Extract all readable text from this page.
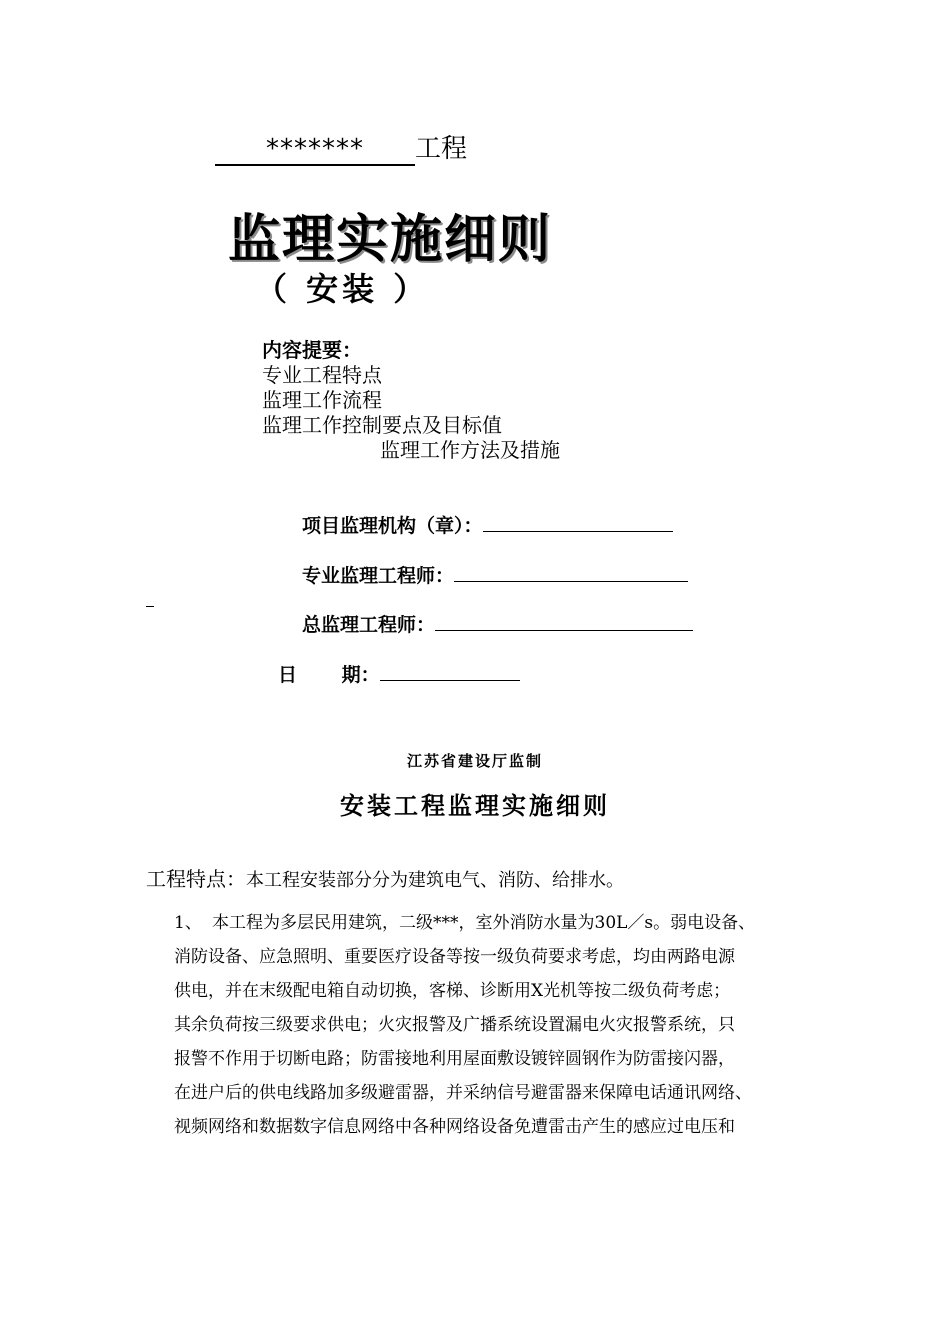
******* 工程
监理实施细则
（ 安装 ）
内容提要：
专业工程特点
监理工作流程
监理工作控制要点及目标值
监理工作方法及措施
项目监理机构（章）：
专业监理工程师：
总监理工程师：
日 期：
江苏省建设厅监制
安装工程监理实施细则
工程特点：本工程安装部分分为建筑电气、消防、给排水。
1、 本工程为多层民用建筑，二级***，室外消防水量为30L／s。弱电设备、
消防设备、应急照明、重要医疗设备等按一级负荷要求考虑，均由两路电源
供电，并在末级配电箱自动切换，客梯、诊断用X光机等按二级负荷考虑；
其余负荷按三级要求供电；火灾报警及广播系统设置漏电火灾报警系统，只
报警不作用于切断电路；防雷接地利用屋面敷设镀锌圆钢作为防雷接闪器，
在进户后的供电线路加多级避雷器，并采纳信号避雷器来保障电话通讯网络、
视频网络和数据数字信息网络中各种网络设备免遭雷击产生的感应过电压和
